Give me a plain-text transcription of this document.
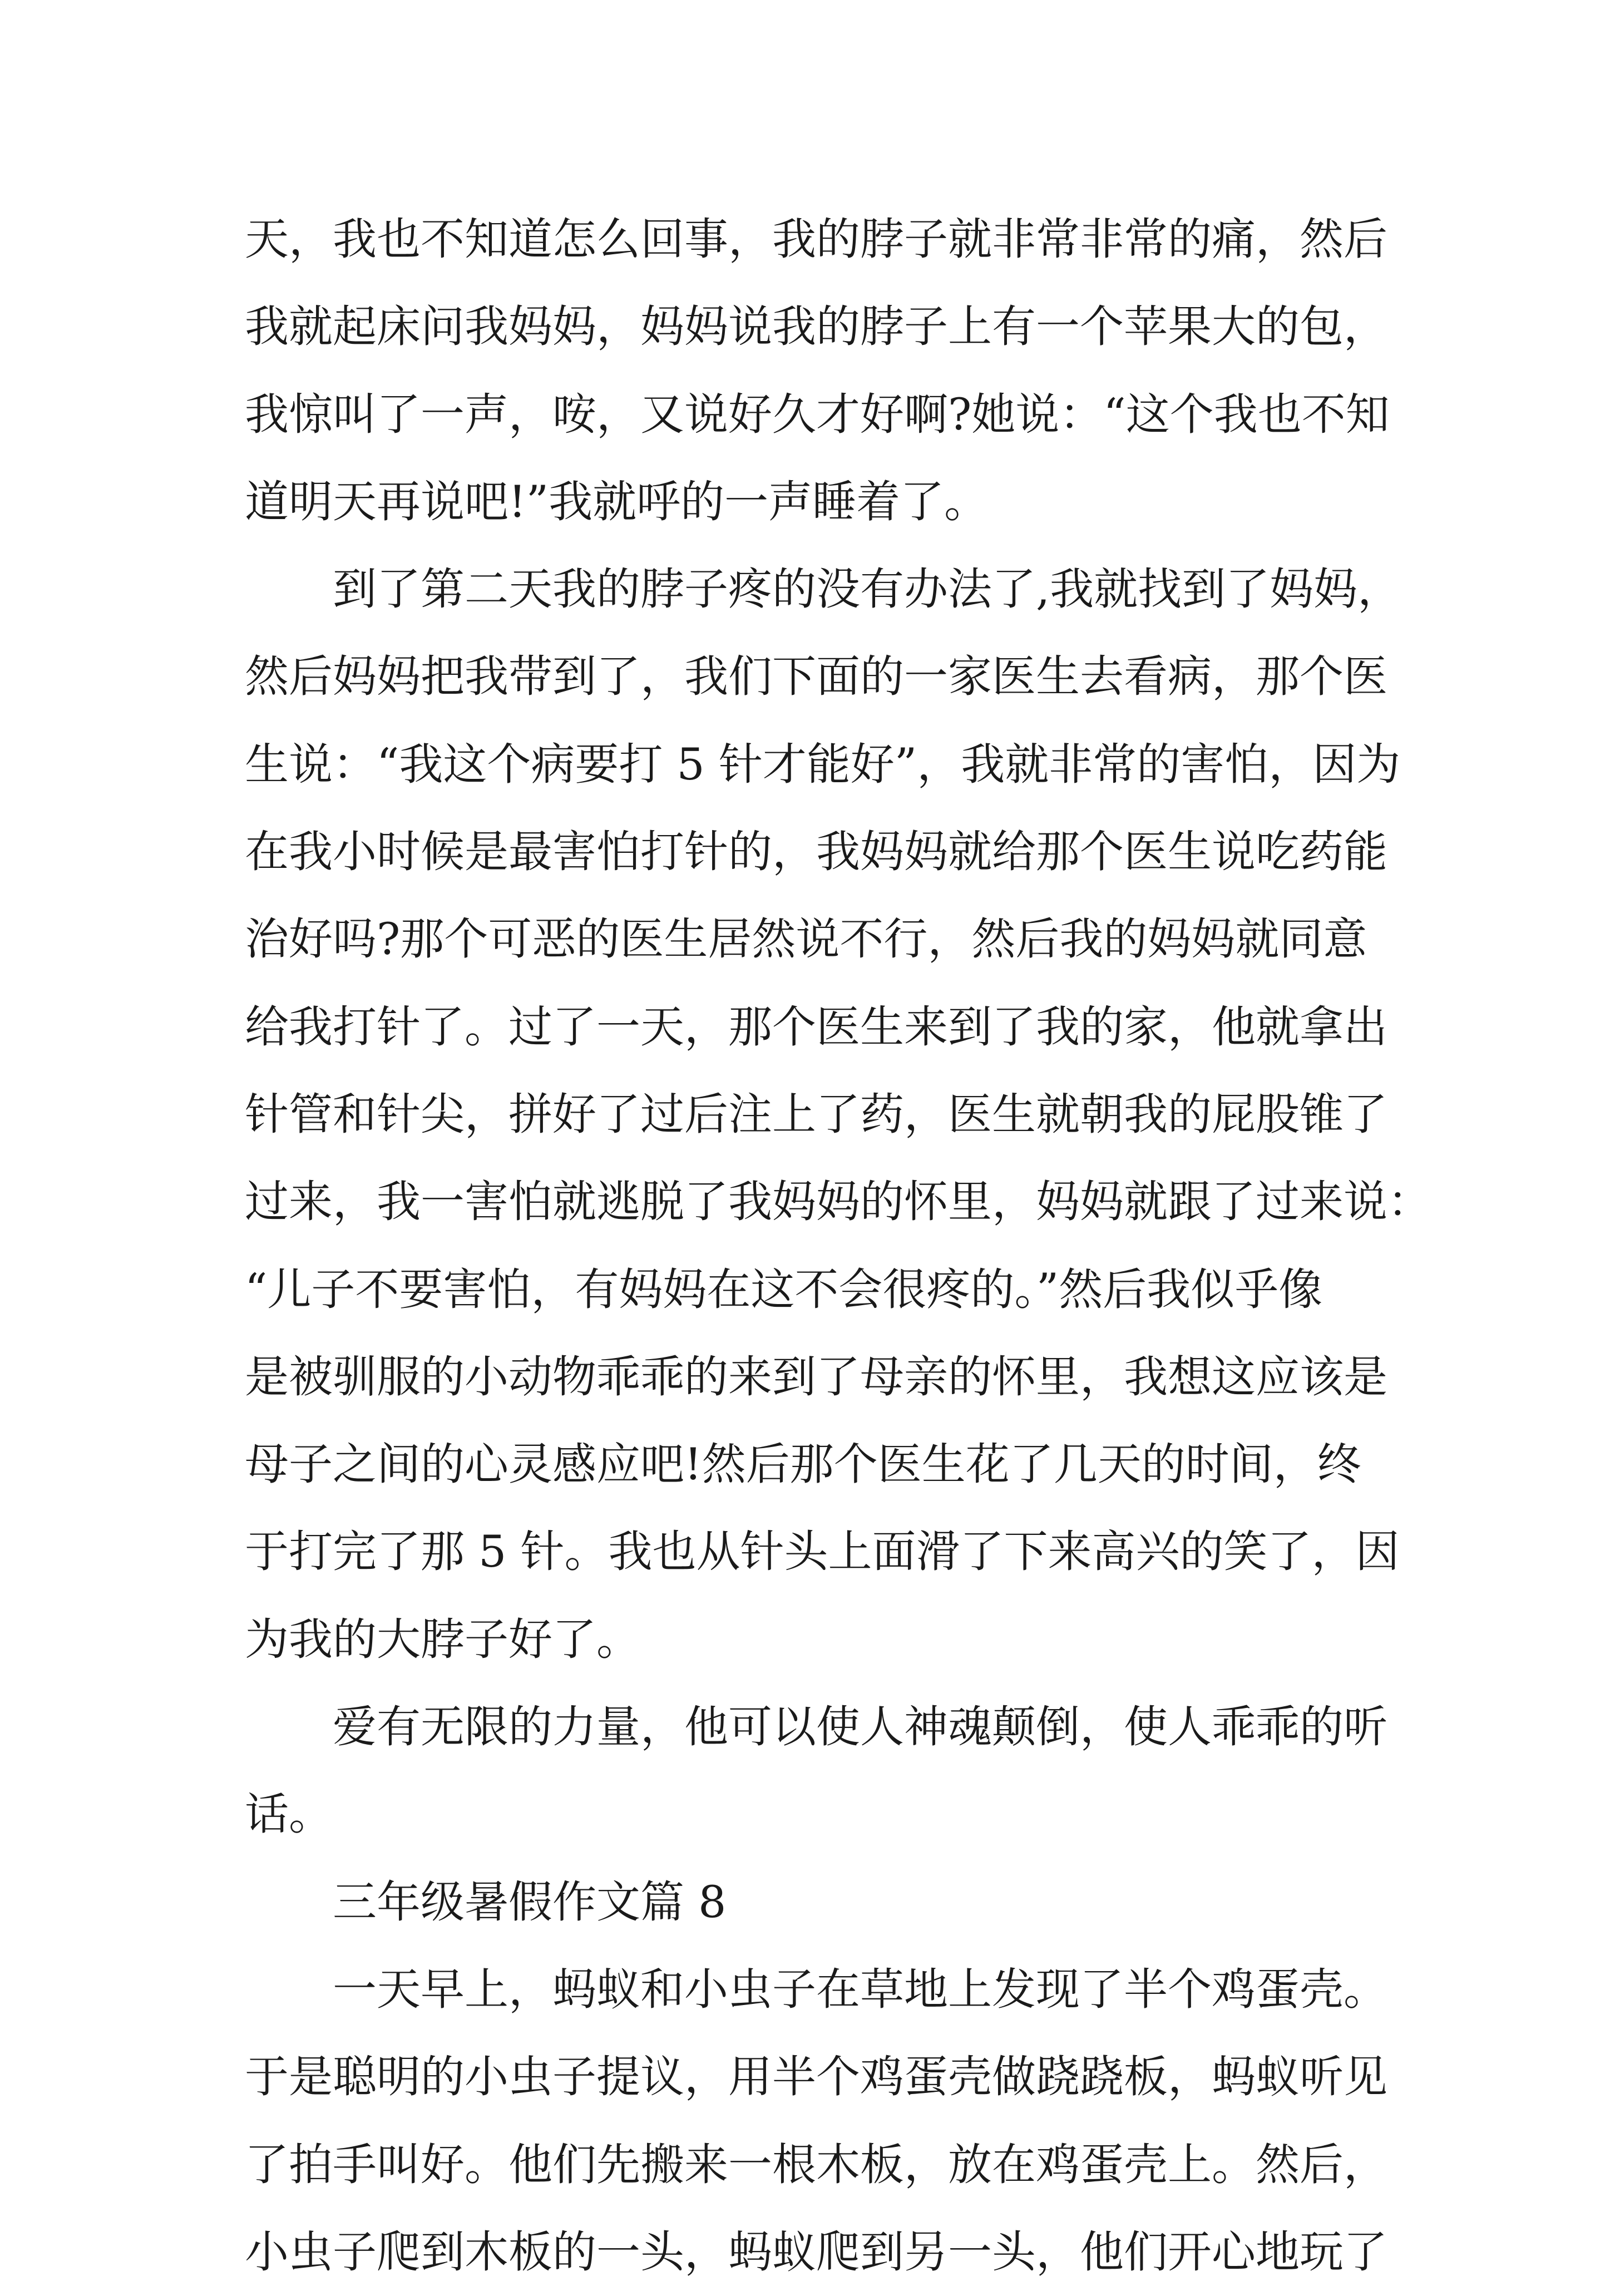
天，我也不知道怎么回事，我的脖子就非常非常的痛，然后
我就起床问我妈妈，妈妈说我的脖子上有一个苹果大的包，
我惊叫了一声，咹，又说好久才好啊?她说：“这个我也不知
道明天再说吧!”我就呼的一声睡着了。
到了第二天我的脖子疼的没有办法了,我就找到了妈妈，
然后妈妈把我带到了，我们下面的一家医生去看病，那个医
生说：“我这个病要打 5 针才能好”，我就非常的害怕，因为
在我小时候是最害怕打针的，我妈妈就给那个医生说吃药能
治好吗?那个可恶的医生居然说不行，然后我的妈妈就同意
给我打针了。过了一天，那个医生来到了我的家，他就拿出
针管和针尖，拼好了过后注上了药，医生就朝我的屁股锥了
过来，我一害怕就逃脱了我妈妈的怀里，妈妈就跟了过来说：
“儿子不要害怕，有妈妈在这不会很疼的。”然后我似乎像
是被驯服的小动物乖乖的来到了母亲的怀里，我想这应该是
母子之间的心灵感应吧!然后那个医生花了几天的时间，终
于打完了那 5 针。我也从针头上面滑了下来高兴的笑了，因
为我的大脖子好了。
爱有无限的力量，他可以使人神魂颠倒，使人乖乖的听
话。
三年级暑假作文篇 8
一天早上，蚂蚁和小虫子在草地上发现了半个鸡蛋壳。
于是聪明的小虫子提议，用半个鸡蛋壳做跷跷板，蚂蚁听见
了拍手叫好。他们先搬来一根木板，放在鸡蛋壳上。然后，
小虫子爬到木板的一头，蚂蚁爬到另一头，他们开心地玩了
